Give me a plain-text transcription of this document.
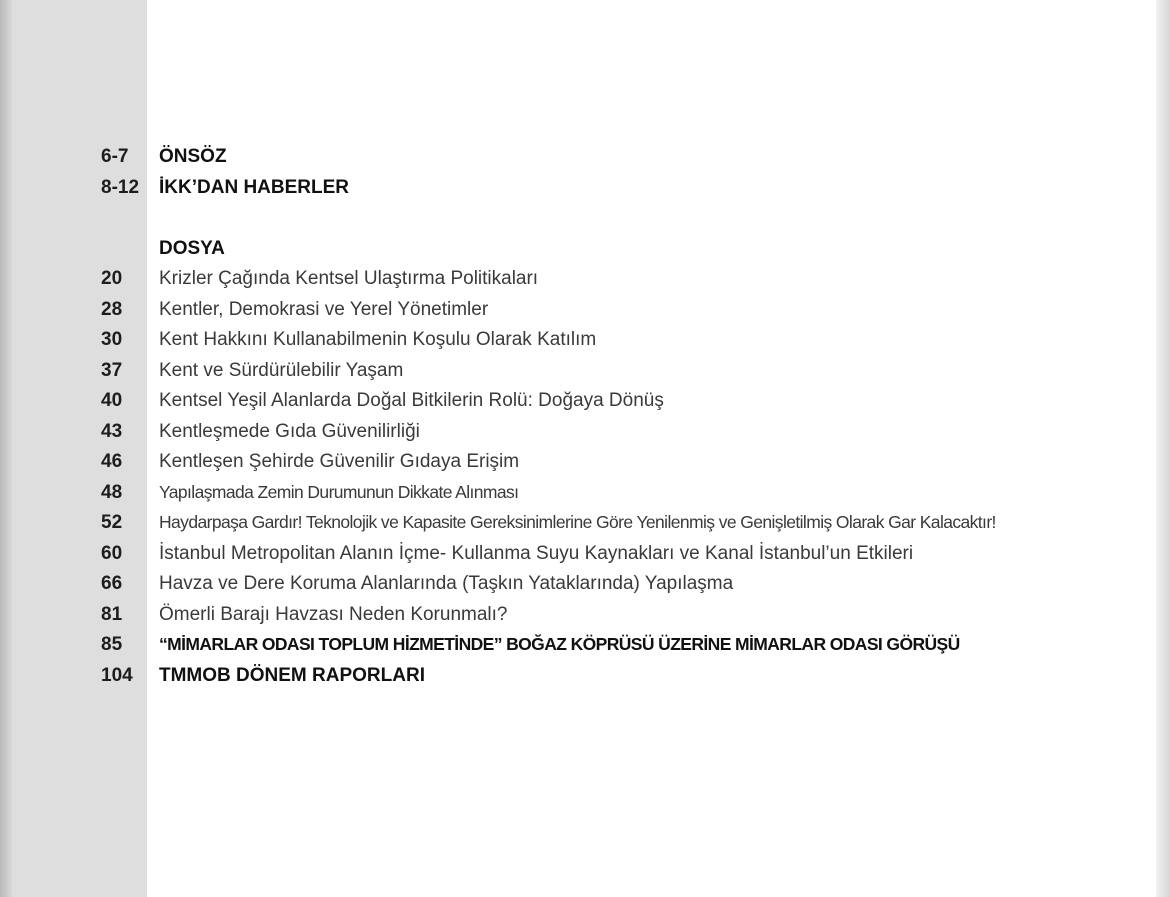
6-7 ÖNSÖZ
8-12 İKK’DAN HABERLER
DOSYA
20 Krizler Çağında Kentsel Ulaştırma Politikaları
28 Kentler, Demokrasi ve Yerel Yönetimler
30 Kent Hakkını Kullanabilmenin Koşulu Olarak Katılım
37 Kent ve Sürdürülebilir Yaşam
40 Kentsel Yeşil Alanlarda Doğal Bitkilerin Rolü: Doğaya Dönüş
43 Kentleşmede Gıda Güvenilirliği
46 Kentleşen Şehirde Güvenilir Gıdaya Erişim
48 Yapılaşmada Zemin Durumunun Dikkate Alınması
52 Haydarpaşa Gardır! Teknolojik ve Kapasite Gereksinimlerine Göre Yenilenmiş ve Genişletilmiş Olarak Gar Kalacaktır!
60 İstanbul Metropolitan Alanın İçme- Kullanma Suyu Kaynakları ve Kanal İstanbul’un Etkileri
66 Havza ve Dere Koruma Alanlarında (Taşkın Yataklarında) Yapılaşma
81 Ömerli Barajı Havzası Neden Korunmalı?
85 “MİMARLAR ODASI TOPLUM HİZMETİNDE” BOĞAZ KÖPRÜSÜ ÜZERİNE MİMARLAR ODASI GÖRÜŞÜ
104 TMMOB DÖNEM RAPORLARI
